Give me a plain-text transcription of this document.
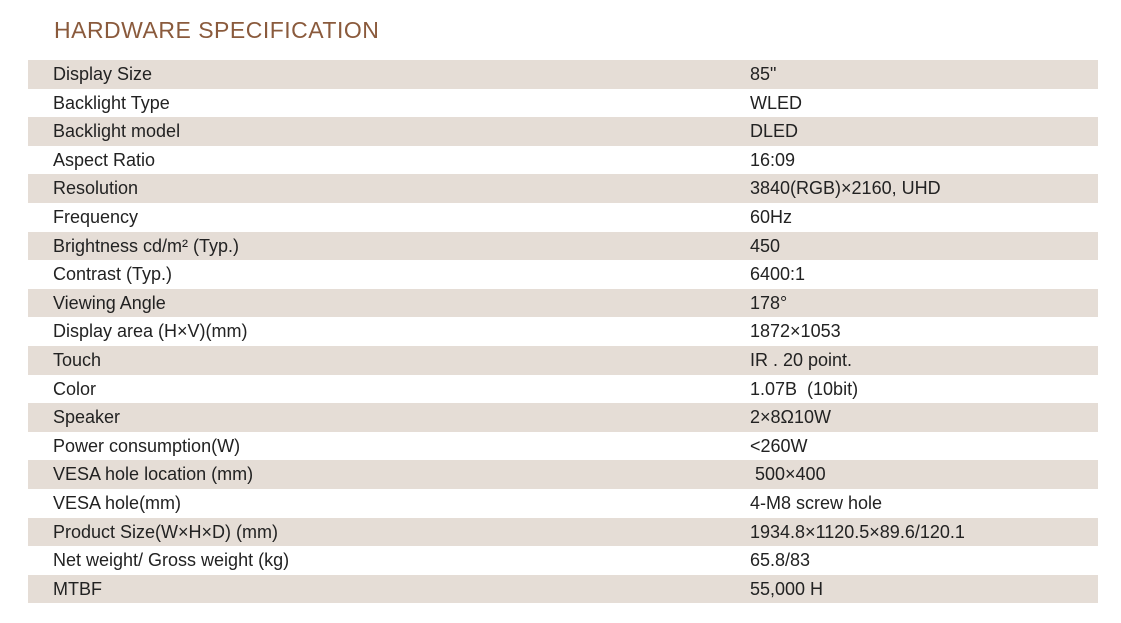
HARDWARE SPECIFICATION
Display Size	85"
Backlight Type	WLED
Backlight model	DLED
Aspect Ratio	16:09
Resolution	3840(RGB)×2160, UHD
Frequency	60Hz
Brightness cd/m² (Typ.)	450
Contrast (Typ.)	6400:1
Viewing Angle	178°
Display area (H×V)(mm)	1872×1053
Touch	IR . 20 point.
Color	1.07B  (10bit)
Speaker	2×8Ω10W
Power consumption(W)	<260W
VESA hole location (mm)	500×400
VESA hole(mm)	4-M8 screw hole
Product Size(W×H×D) (mm)	1934.8×1120.5×89.6/120.1
Net weight/ Gross weight (kg)	65.8/83
MTBF	55,000 H
